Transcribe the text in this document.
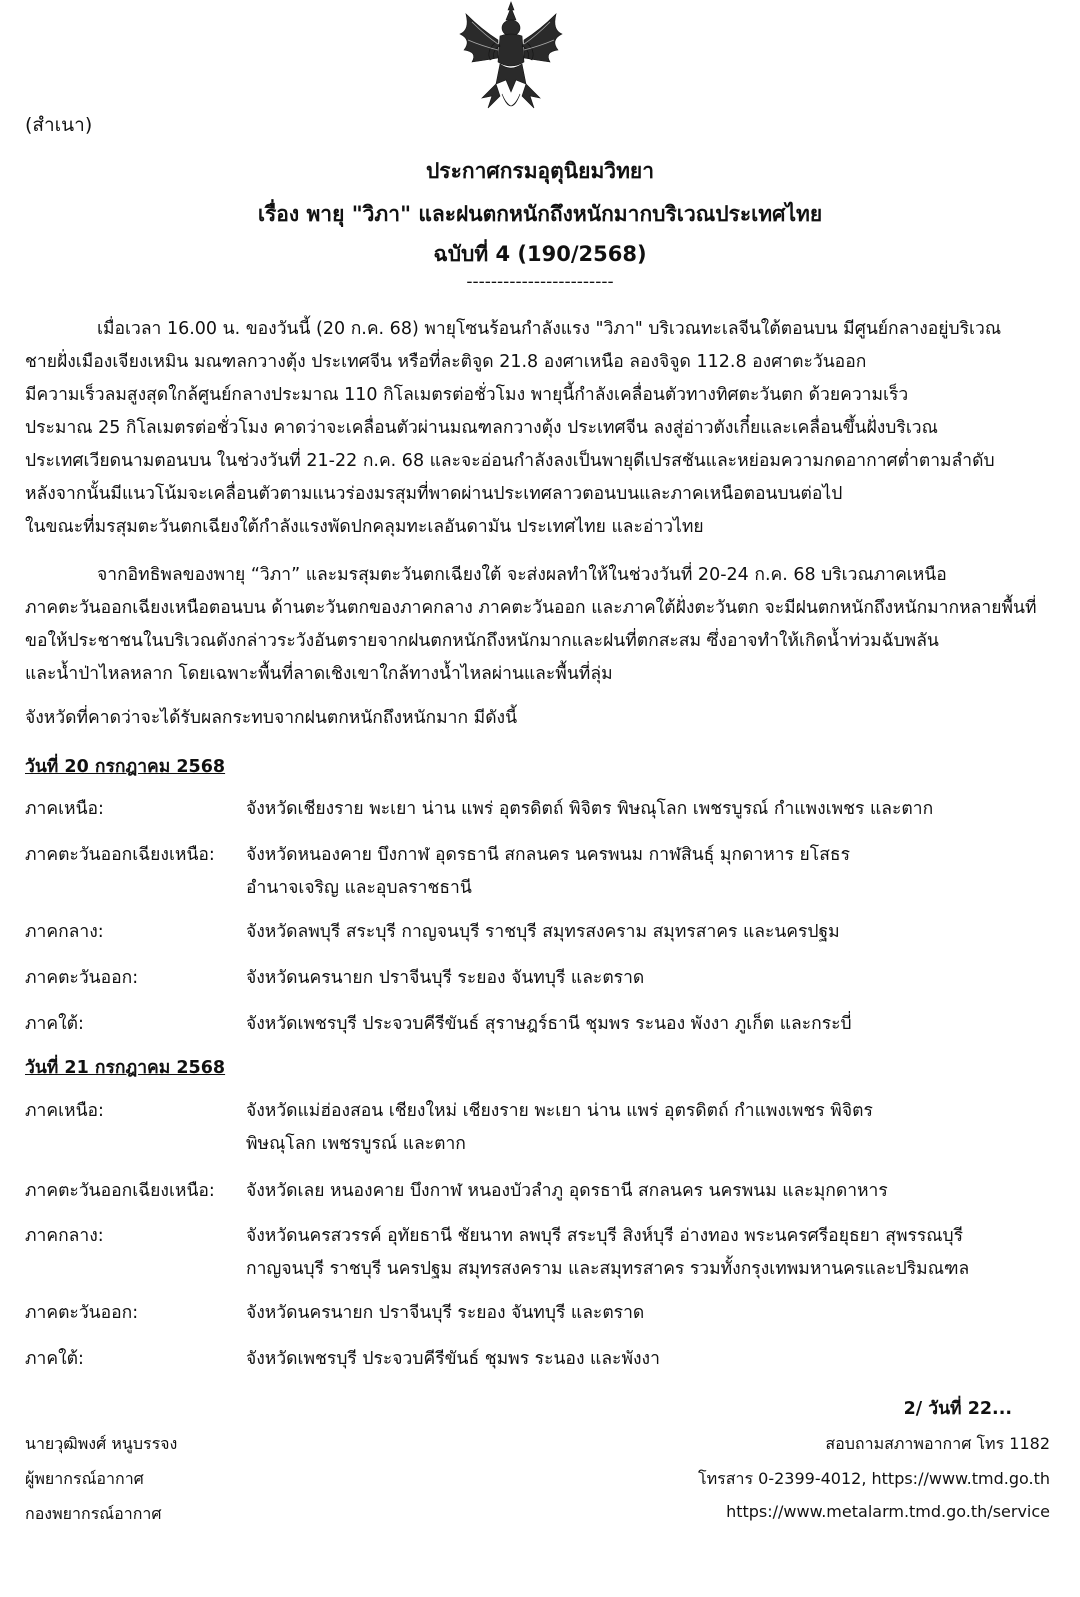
(สำเนา)
ประกาศกรมอุตุนิยมวิทยา
เรื่อง พายุ "วิภา" และฝนตกหนักถึงหนักมากบริเวณประเทศไทย
ฉบับที่ 4 (190/2568)
------------------------
เมื่อเวลา 16.00 น. ของวันนี้ (20 ก.ค. 68) พายุโซนร้อนกำลังแรง "วิภา" บริเวณทะเลจีนใต้ตอนบน มีศูนย์กลางอยู่บริเวณ
ชายฝั่งเมืองเจียงเหมิน มณฑลกวางตุ้ง ประเทศจีน หรือที่ละติจูด 21.8 องศาเหนือ ลองจิจูด 112.8 องศาตะวันออก
มีความเร็วลมสูงสุดใกล้ศูนย์กลางประมาณ 110 กิโลเมตรต่อชั่วโมง พายุนี้กำลังเคลื่อนตัวทางทิศตะวันตก ด้วยความเร็ว
ประมาณ 25 กิโลเมตรต่อชั่วโมง คาดว่าจะเคลื่อนตัวผ่านมณฑลกวางตุ้ง ประเทศจีน ลงสู่อ่าวตังเกี๋ยและเคลื่อนขึ้นฝั่งบริเวณ
ประเทศเวียดนามตอนบน ในช่วงวันที่ 21-22 ก.ค. 68 และจะอ่อนกำลังลงเป็นพายุดีเปรสชันและหย่อมความกดอากาศต่ำตามลำดับ
หลังจากนั้นมีแนวโน้มจะเคลื่อนตัวตามแนวร่องมรสุมที่พาดผ่านประเทศลาวตอนบนและภาคเหนือตอนบนต่อไป
ในขณะที่มรสุมตะวันตกเฉียงใต้กำลังแรงพัดปกคลุมทะเลอันดามัน ประเทศไทย และอ่าวไทย
จากอิทธิพลของพายุ “วิภา” และมรสุมตะวันตกเฉียงใต้ จะส่งผลทำให้ในช่วงวันที่ 20-24 ก.ค. 68 บริเวณภาคเหนือ
ภาคตะวันออกเฉียงเหนือตอนบน ด้านตะวันตกของภาคกลาง ภาคตะวันออก และภาคใต้ฝั่งตะวันตก จะมีฝนตกหนักถึงหนักมากหลายพื้นที่
ขอให้ประชาชนในบริเวณดังกล่าวระวังอันตรายจากฝนตกหนักถึงหนักมากและฝนที่ตกสะสม ซึ่งอาจทำให้เกิดน้ำท่วมฉับพลัน
และน้ำป่าไหลหลาก โดยเฉพาะพื้นที่ลาดเชิงเขาใกล้ทางน้ำไหลผ่านและพื้นที่ลุ่ม
จังหวัดที่คาดว่าจะได้รับผลกระทบจากฝนตกหนักถึงหนักมาก มีดังนี้
วันที่ 20 กรกฎาคม 2568
ภาคเหนือ:	จังหวัดเชียงราย พะเยา น่าน แพร่ อุตรดิตถ์ พิจิตร พิษณุโลก เพชรบูรณ์ กำแพงเพชร และตาก
ภาคตะวันออกเฉียงเหนือ: จังหวัดหนองคาย บึงกาฬ อุดรธานี สกลนคร นครพนม กาฬสินธุ์ มุกดาหาร ยโสธร
อำนาจเจริญ และอุบลราชธานี
ภาคกลาง:	จังหวัดลพบุรี สระบุรี กาญจนบุรี ราชบุรี สมุทรสงคราม สมุทรสาคร และนครปฐม
ภาคตะวันออก:	จังหวัดนครนายก ปราจีนบุรี ระยอง จันทบุรี และตราด
ภาคใต้:	จังหวัดเพชรบุรี ประจวบคีรีขันธ์ สุราษฎร์ธานี ชุมพร ระนอง พังงา ภูเก็ต และกระบี่
วันที่ 21 กรกฎาคม 2568
ภาคเหนือ:	จังหวัดแม่ฮ่องสอน เชียงใหม่ เชียงราย พะเยา น่าน แพร่ อุตรดิตถ์ กำแพงเพชร พิจิตร
พิษณุโลก เพชรบูรณ์ และตาก
ภาคตะวันออกเฉียงเหนือ: จังหวัดเลย หนองคาย บึงกาฬ หนองบัวลำภู อุดรธานี สกลนคร นครพนม และมุกดาหาร
ภาคกลาง:	จังหวัดนครสวรรค์ อุทัยธานี ชัยนาท ลพบุรี สระบุรี สิงห์บุรี อ่างทอง พระนครศรีอยุธยา สุพรรณบุรี
กาญจนบุรี ราชบุรี นครปฐม สมุทรสงคราม และสมุทรสาคร รวมทั้งกรุงเทพมหานครและปริมณฑล
ภาคตะวันออก:	จังหวัดนครนายก ปราจีนบุรี ระยอง จันทบุรี และตราด
ภาคใต้:	จังหวัดเพชรบุรี ประจวบคีรีขันธ์ ชุมพร ระนอง และพังงา
2/ วันที่ 22...
นายวุฒิพงศ์ หนูบรรจง
ผู้พยากรณ์อากาศ
กองพยากรณ์อากาศ
สอบถามสภาพอากาศ โทร 1182
โทรสาร 0-2399-4012, https://www.tmd.go.th
https://www.metalarm.tmd.go.th/service
